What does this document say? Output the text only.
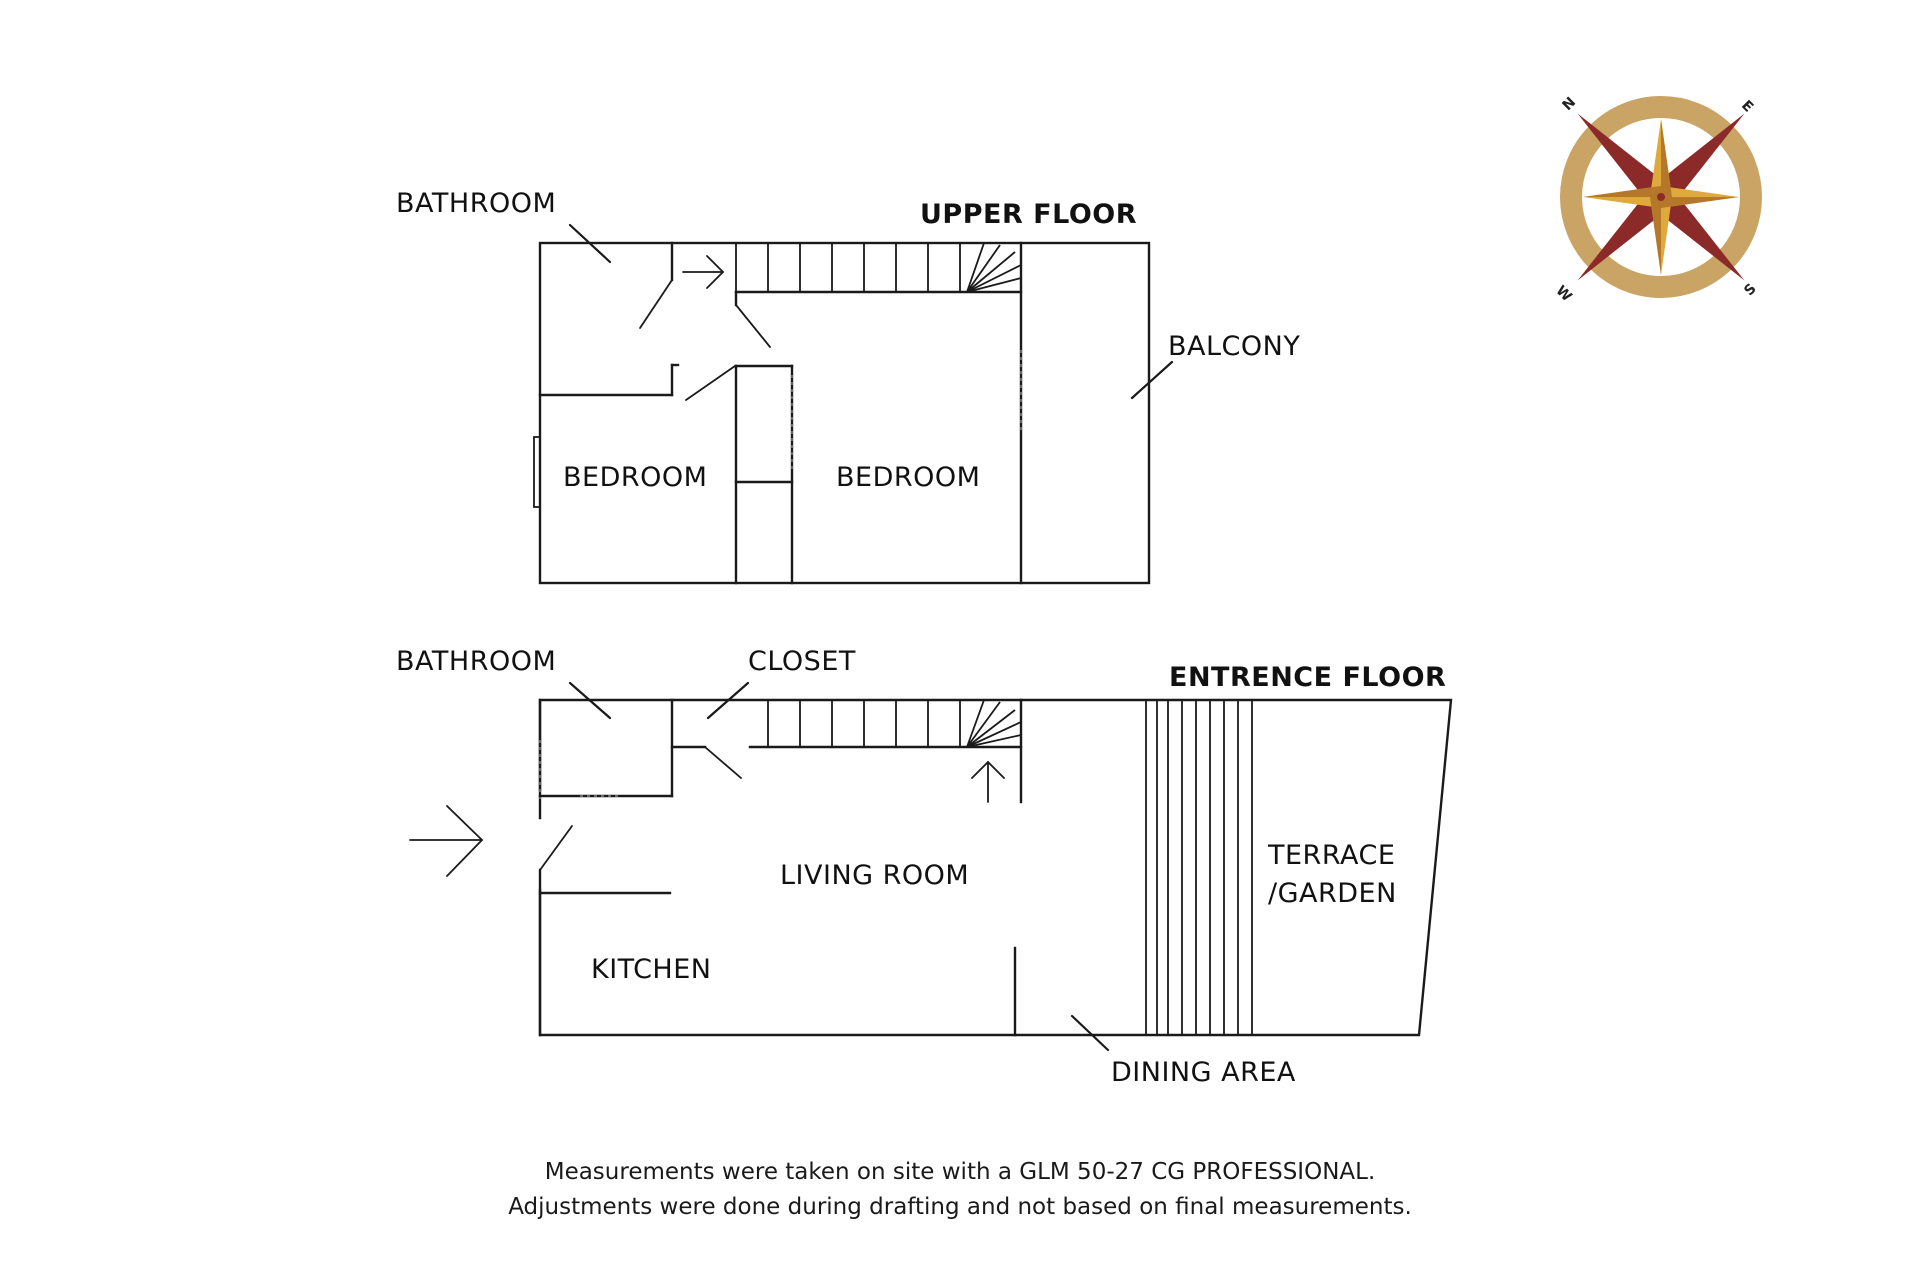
BATHROOM	UPPER FLOOR
BALCONY
BEDROOM	BEDROOM
BATHROOM	CLOSET
ENTRENCE FLOOR
LIVING ROOM
KITCHEN
TERRACE
/GARDEN
DINING AREA
N	E
S
W
Measurements were taken on site with a GLM 50-27 CG PROFESSIONAL.
Adjustments were done during drafting and not based on final measurements.
